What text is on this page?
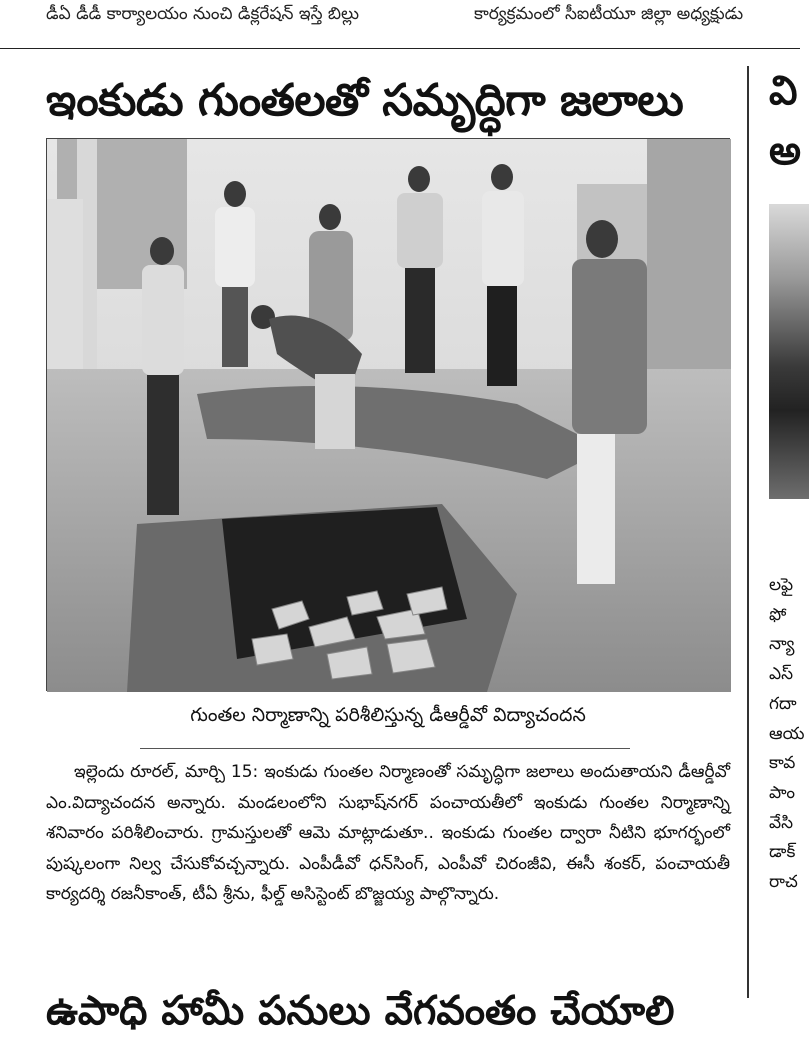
డీఏ డీడీ కార్యాలయం నుంచి డిక్లరేషన్ ఇస్తే బిల్లు	కార్యక్రమంలో సీఐటీయూ జిల్లా అధ్యక్షుడు
ఇంకుడు గుంతలతో సమృద్ధిగా జలాలు
గుంతల నిర్మాణాన్ని పరిశీలిస్తున్న డీఆర్డీవో విద్యాచందన

ఇల్లెందు రూరల్, మార్చి 15: ఇంకుడు గుంతల నిర్మాణంతో సమృద్ధిగా జలాలు అందుతాయని డీఆర్డీవో ఎం.విద్యాచందన అన్నారు. మండలంలోని సుభాష్‌నగర్ పంచాయతీలో ఇంకుడు గుంతల నిర్మాణాన్ని శనివారం పరిశీలించారు. గ్రామస్తులతో ఆమె మాట్లాడుతూ.. ఇంకుడు గుంతల ద్వారా నీటిని భూగర్భంలో పుష్కలంగా నిల్వ చేసుకోవచ్చన్నారు. ఎంపీడీవో ధన్‌సింగ్, ఎంపీవో చిరంజీవి, ఈసీ శంకర్, పంచాయతీ కార్యదర్శి రజనీకాంత్, టీఏ శ్రీను, ఫీల్డ్ అసిస్టెంట్ బొజ్జయ్య పాల్గొన్నారు.

ఉపాధి హామీ పనులు వేగవంతం చేయాలి
వి
అ
లఫై
ఫో
న్యా
ఎస్
గదా
ఆయ
కావ
పాం
వేసి
డాక్
రాచ
